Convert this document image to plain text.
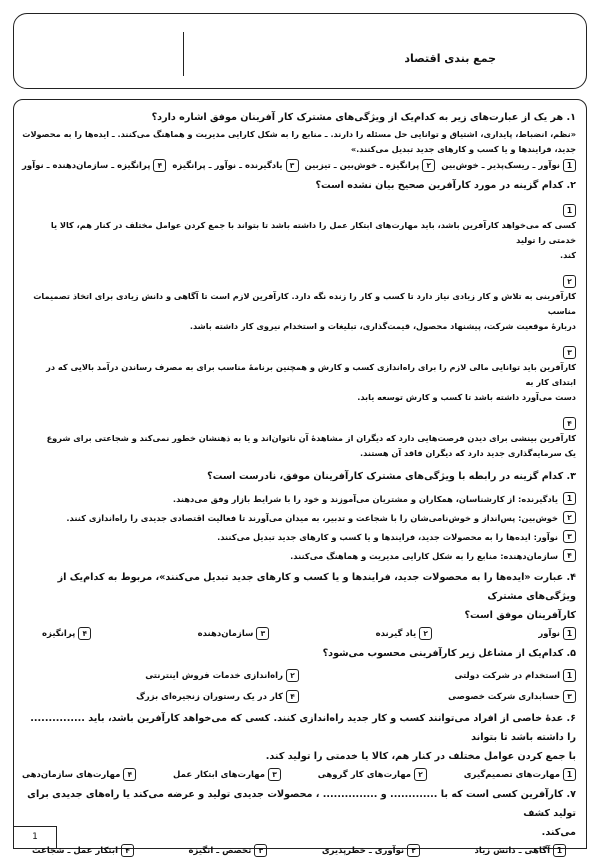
جمع بندی اقتصاد
۱. هر یک از عبارت‌های زیر به کدام‌یک از ویژگی‌های مشترک کار آفرینان موفق اشاره دارد؟
«نظم، انضباط، پایداری، اشتیاق و توانایی حل مسئله را دارند. ـ منابع را به شکل کارایی مدیریت و هماهنگ می‌کنند. ـ ایده‌ها را به محصولات
جدید، فرایندها و یا کسب و کارهای جدید تبدیل می‌کنند.»
1
نوآور ـ ریسک‌پذیر ـ خوش‌بین
۲
پرانگیزه ـ خوش‌بین ـ تیزبین
۳
یادگیرنده ـ نوآور ـ پرانگیزه
۴
پرانگیزه ـ سازمان‌دهنده ـ نوآور
۲. کدام گزینه در مورد کارآفرین صحیح بیان نشده است؟
1
کسی که می‌خواهد کارآفرین باشد، باید مهارت‌های ابتکار عمل را داشته باشد تا بتواند با جمع کردن عوامل مختلف در کنار هم، کالا یا خدمتی را تولید
کند.
۲
کارآفرینی به تلاش و کار زیادی نیاز دارد تا کسب و کار را زنده نگه دارد. کارآفرین لازم است تا آگاهی و دانش زیادی برای اتخاذ تصمیمات مناسب
دربارهٔ موقعیت شرکت، پیشنهاد محصول، قیمت‌گذاری، تبلیغات و استخدام نیروی کار داشته باشد.
۳
کارآفرین باید توانایی مالی لازم را برای راه‌اندازی کسب و کارش و همچنین برنامهٔ مناسب برای به مصرف رساندن درآمد بالایی که در ابتدای کار به
دست می‌آورد داشته باشد تا کسب و کارش توسعه یابد.
۴
کارآفرین بینشی برای دیدن فرصت‌هایی دارد که دیگران از مشاهدهٔ آن ناتوان‌اند و یا به ذهنشان خطور نمی‌کند و شجاعتی برای شروع
یک سرمایه‌گذاری جدید دارد که دیگران فاقد آن هستند.
۳. کدام گزینه در رابطه با ویژگی‌های مشترک کارآفرینان موفق، نادرست است؟
1
یادگیرنده: از کارشناسان، همکاران و مشتریان می‌آموزند و خود را با شرایط بازار وفق می‌دهند.
۲
خوش‌بین: پس‌انداز و خوش‌نامی‌شان را با شجاعت و تدبیر، به میدان می‌آورند تا فعالیت اقتصادی جدیدی را راه‌اندازی کنند.
۳
نوآور: ایده‌ها را به محصولات جدید، فرایندها و یا کسب و کارهای جدید تبدیل می‌کنند.
۴
سازمان‌دهنده: منابع را به شکل کارایی مدیریت و هماهنگ می‌کنند.
۴. عبارت «ایده‌ها را به محصولات جدید، فرایندها و یا کسب و کارهای جدید تبدیل می‌کنند»، مربوط به کدام‌یک از ویژگی‌های مشترک
کارآفرینان موفق است؟
1
نوآور
۲
یاد گیرنده
۳
سازمان‌دهنده
۴
پرانگیزه
۵. کدام‌یک از مشاغل زیر کارآفرینی محسوب می‌شود؟
1
استخدام در شرکت دولتی
۲
راه‌اندازی خدمات فروش اینترنتی
۳
حسابداری شرکت خصوصی
۴
کار در یک رستوران زنجیره‌ای بزرگ
۶. عدهٔ خاصی از افراد می‌توانند کسب و کار جدید راه‌اندازی کنند. کسی که می‌خواهد کارآفرین باشد، باید ............... را داشته باشد تا بتواند
با جمع کردن عوامل مختلف در کنار هم، کالا یا خدمتی را تولید کند.
1
مهارت‌های تصمیم‌گیری
۲
مهارت‌های کار گروهی
۳
مهارت‌های ابتکار عمل
۴
مهارت‌های سازمان‌دهی
۷. کارآفرین کسی است که با ............. و ............... ، محصولات جدیدی تولید و عرضه می‌کند یا راه‌های جدیدی برای تولید کشف
می‌کند.
1
آگاهی ـ دانش زیاد
۲
نوآوری ـ خطرپذیری
۳
تخصص ـ انگیزه
۴
ابتکار عمل ـ شجاعت
1
